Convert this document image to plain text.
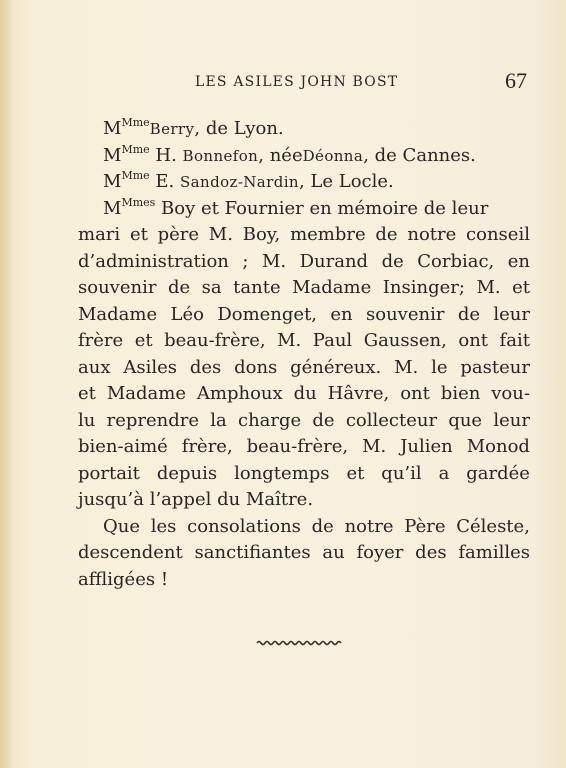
LES ASILES JOHN BOST	67
$M^{Mme}Berry$, de Lyon.
$M^{Mme}$ H. Bonnefon, néeDéonna, de Cannes.
$M^{Mme}$ E. Sandoz-Nardin, Le Locle.
$M^{Mmes}$ Boy et Fournier en mémoire de leur
mari et père M. Boy, membre de notre conseil
d’administration ; M. Durand de Corbiac, en
souvenir de sa tante Madame Insinger; M. et
Madame Léo Domenget, en souvenir de leur
frère et beau-frère, M. Paul Gaussen, ont fait
aux Asiles des dons généreux. M. le pasteur
et Madame Amphoux du Hâvre, ont bien vou-
lu reprendre la charge de collecteur que leur
bien-aimé frère, beau-frère, M. Julien Monod
portait depuis longtemps et qu’il a gardée
jusqu’à l’appel du Maître.
Que les consolations de notre Père Céleste,
descendent sanctifiantes au foyer des familles
affligées !
